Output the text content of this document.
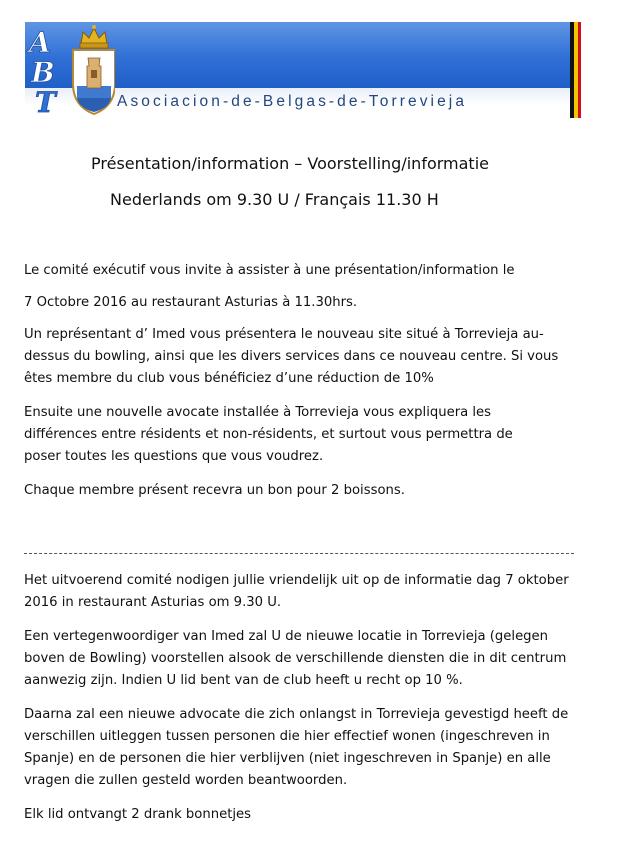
A
B
T	Asociacion-de-Belgas-de-Torrevieja
Présentation/information – Voorstelling/informatie
Nederlands om 9.30 U / Français 11.30 H

Le comité exécutif vous invite à assister à une présentation/information le

7 Octobre 2016 au restaurant Asturias à 11.30hrs.

Un représentant d’ Imed vous présentera le nouveau site situé à Torrevieja au-dessus du bowling, ainsi que les divers services dans ce nouveau centre. Si vous êtes membre du club vous bénéficiez d’une réduction de 10%

Ensuite une nouvelle avocate installée à Torrevieja vous expliquera les différences entre résidents et non-résidents, et surtout vous permettra de poser toutes les questions que vous voudrez.

Chaque membre présent recevra un bon pour 2 boissons.

Het uitvoerend comité nodigen jullie vriendelijk uit op de informatie dag 7 oktober 2016 in restaurant Asturias om 9.30 U.

Een vertegenwoordiger van Imed zal U de nieuwe locatie in Torrevieja (gelegen boven de Bowling) voorstellen alsook de verschillende diensten die in dit centrum aanwezig zijn. Indien U lid bent van de club heeft u recht op 10 %.

Daarna zal een nieuwe advocate die zich onlangst in Torrevieja gevestigd heeft de verschillen uitleggen tussen personen die hier effectief wonen (ingeschreven in Spanje) en de personen die hier verblijven (niet ingeschreven in Spanje) en alle vragen die zullen gesteld worden beantwoorden.

Elk lid ontvangt 2 drank bonnetjes
